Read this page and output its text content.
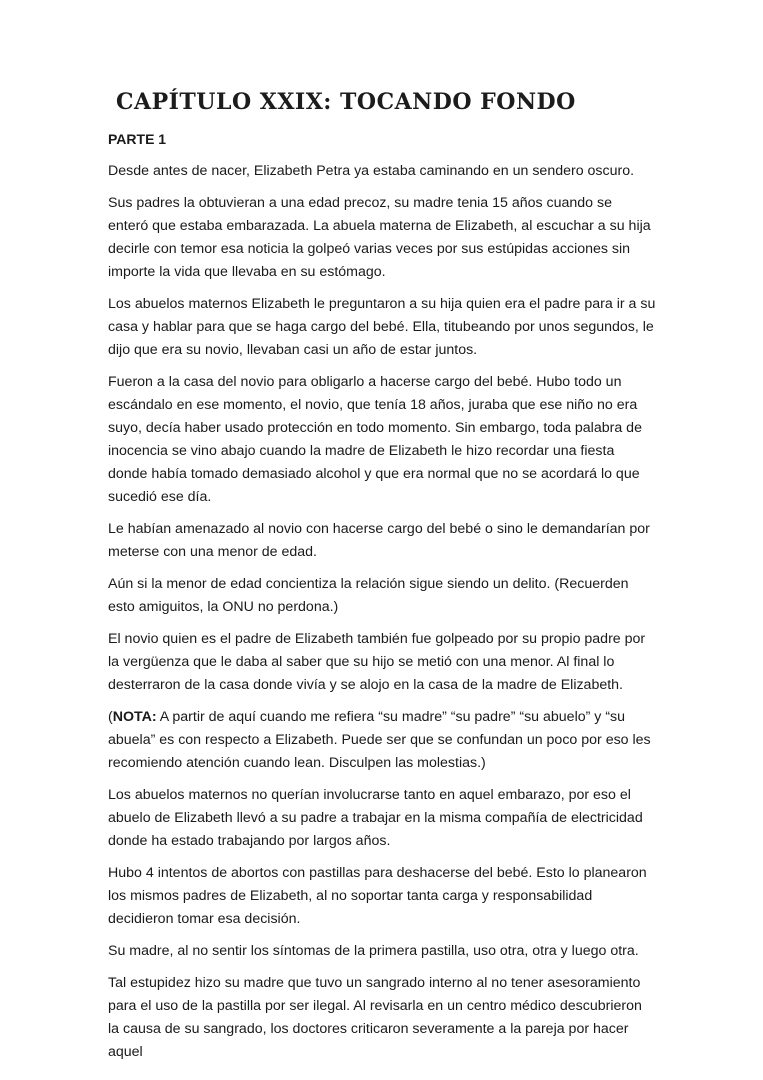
CAPÍTULO XXIX: TOCANDO FONDO

PARTE 1

Desde antes de nacer, Elizabeth Petra ya estaba caminando en un sendero oscuro.

Sus padres la obtuvieran a una edad precoz, su madre tenia 15 años cuando se enteró que estaba embarazada. La abuela materna de Elizabeth, al escuchar a su hija decirle con temor esa noticia la golpeó varias veces por sus estúpidas acciones sin importe la vida que llevaba en su estómago.

Los abuelos maternos Elizabeth le preguntaron a su hija quien era el padre para ir a su casa y hablar para que se haga cargo del bebé. Ella, titubeando por unos segundos, le dijo que era su novio, llevaban casi un año de estar juntos.

Fueron a la casa del novio para obligarlo a hacerse cargo del bebé. Hubo todo un escándalo en ese momento, el novio, que tenía 18 años, juraba que ese niño no era suyo, decía haber usado protección en todo momento. Sin embargo, toda palabra de inocencia se vino abajo cuando la madre de Elizabeth le hizo recordar una fiesta donde había tomado demasiado alcohol y que era normal que no se acordará lo que sucedió ese día.

Le habían amenazado al novio con hacerse cargo del bebé o sino le demandarían por meterse con una menor de edad.

Aún si la menor de edad concientiza la relación sigue siendo un delito. (Recuerden esto amiguitos, la ONU no perdona.)

El novio quien es el padre de Elizabeth también fue golpeado por su propio padre por la vergüenza que le daba al saber que su hijo se metió con una menor. Al final lo desterraron de la casa donde vivía y se alojo en la casa de la madre de Elizabeth.

(NOTA: A partir de aquí cuando me refiera “su madre” “su padre” “su abuelo” y “su abuela” es con respecto a Elizabeth. Puede ser que se confundan un poco por eso les recomiendo atención cuando lean. Disculpen las molestias.)

Los abuelos maternos no querían involucrarse tanto en aquel embarazo, por eso el abuelo de Elizabeth llevó a su padre a trabajar en la misma compañía de electricidad donde ha estado trabajando por largos años.

Hubo 4 intentos de abortos con pastillas para deshacerse del bebé. Esto lo planearon los mismos padres de Elizabeth, al no soportar tanta carga y responsabilidad decidieron tomar esa decisión.

Su madre, al no sentir los síntomas de la primera pastilla, uso otra, otra y luego otra.

Tal estupidez hizo su madre que tuvo un sangrado interno al no tener asesoramiento para el uso de la pastilla por ser ilegal. Al revisarla en un centro médico descubrieron la causa de su sangrado, los doctores criticaron severamente a la pareja por hacer aquel
